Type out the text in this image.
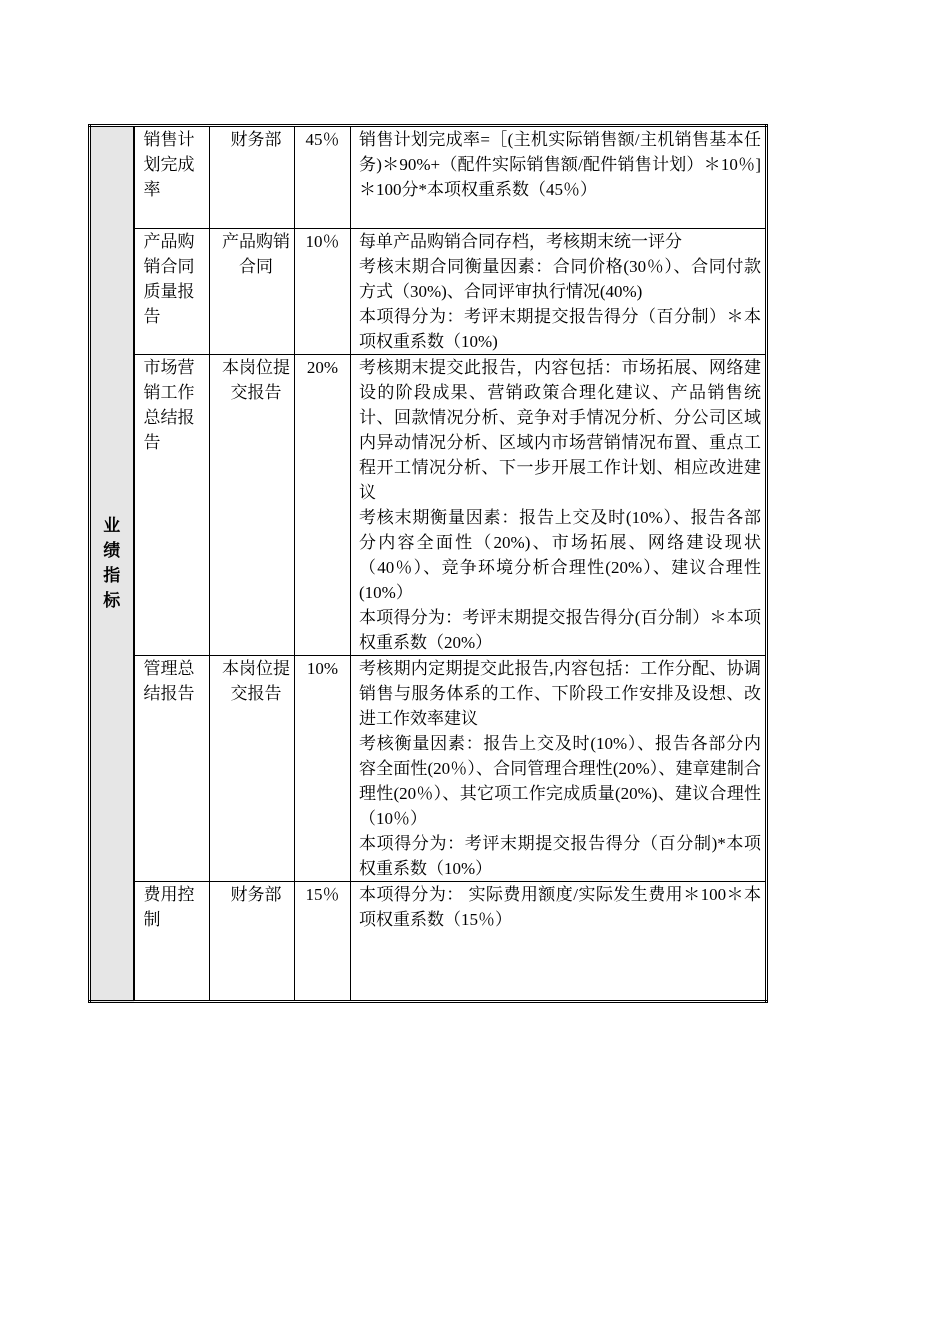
业绩指标	销售计划完成率	财务部	45％	销售计划完成率=［(主机实际销售额/主机销售基本任务)＊90%+（配件实际销售额/配件销售计划）＊10％]＊100分*本项权重系数（45％）

	产品购销合同质量报告	产品购销合同	10％	每单产品购销合同存档，考核期末统一评分

考核末期合同衡量因素：合同价格(30％）、合同付款方式（30%)、合同评审执行情况(40%)

本项得分为：考评末期提交报告得分（百分制）＊本项权重系数（10%)

	市场营销工作总结报告	本岗位提交报告	20%	考核期末提交此报告，内容包括：市场拓展、网络建设的阶段成果、营销政策合理化建议、产品销售统计、回款情况分析、竞争对手情况分析、分公司区域内异动情况分析、区域内市场营销情况布置、重点工程开工情况分析、下一步开展工作计划、相应改进建议

考核末期衡量因素：报告上交及时(10%）、报告各部分内容全面性（20%)、市场拓展、网络建设现状（40％）、竞争环境分析合理性(20%）、建议合理性(10%）

本项得分为：考评末期提交报告得分(百分制）＊本项权重系数（20%）

	管理总结报告	本岗位提交报告	10%	考核期内定期提交此报告,内容包括：工作分配、协调销售与服务体系的工作、下阶段工作安排及设想、改进工作效率建议

考核衡量因素：报告上交及时(10%）、报告各部分内容全面性(20％）、合同管理合理性(20%）、建章建制合理性(20％）、其它项工作完成质量(20%)、建议合理性（10％）

本项得分为：考评末期提交报告得分（百分制)*本项权重系数（10%）

	费用控制	财务部	15％	本项得分为： 实际费用额度/实际发生费用＊100＊本项权重系数（15％）
